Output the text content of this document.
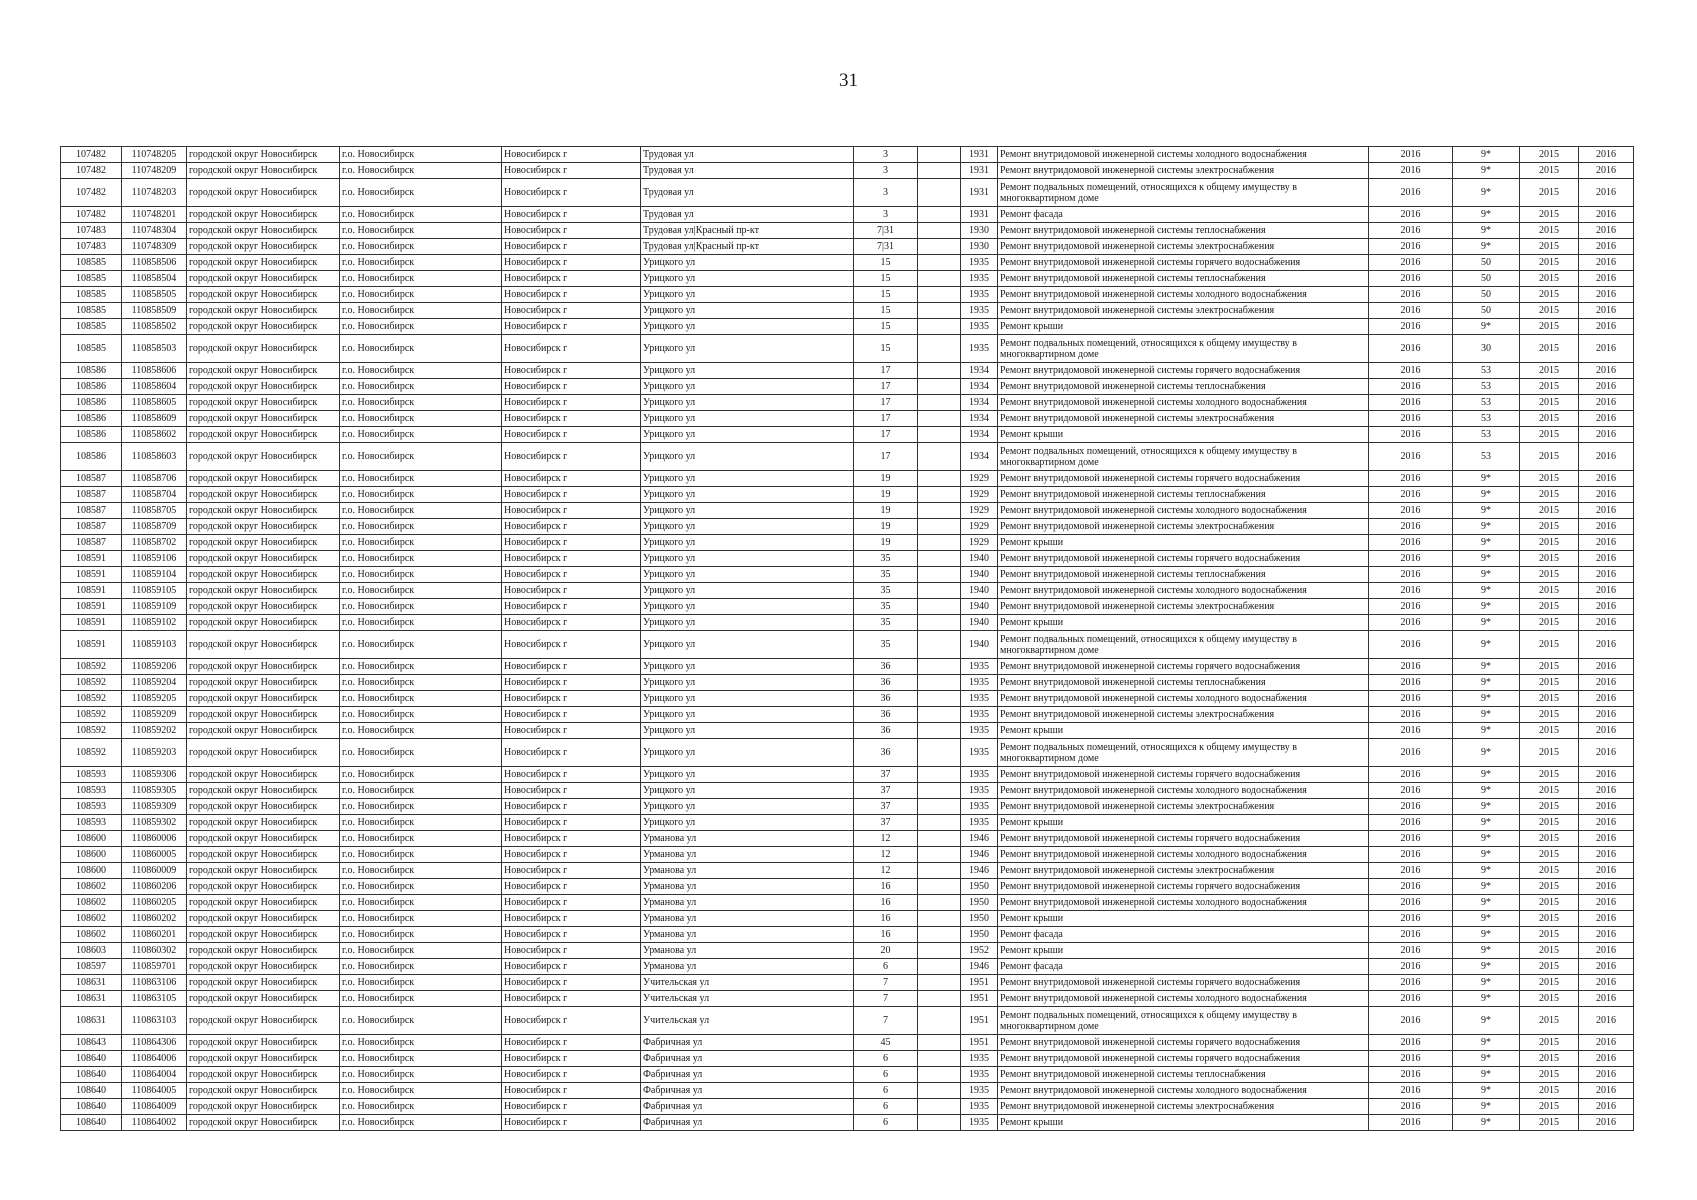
31
107482	110748205	городской округ Новосибирск	г.о. Новосибирск	Новосибирск г	Трудовая ул	3		1931	Ремонт внутридомовой инженерной системы холодного водоснабжения	2016	9*	2015	2016
107482	110748209	городской округ Новосибирск	г.о. Новосибирск	Новосибирск г	Трудовая ул	3		1931	Ремонт внутридомовой инженерной системы электроснабжения	2016	9*	2015	2016
107482	110748203	городской округ Новосибирск	г.о. Новосибирск	Новосибирск г	Трудовая ул	3		1931	Ремонт подвальных помещений, относящихся к общему имуществу в многоквартирном доме	2016	9*	2015	2016
107482	110748201	городской округ Новосибирск	г.о. Новосибирск	Новосибирск г	Трудовая ул	3		1931	Ремонт фасада	2016	9*	2015	2016
107483	110748304	городской округ Новосибирск	г.о. Новосибирск	Новосибирск г	Трудовая ул|Красный пр-кт	7|31		1930	Ремонт внутридомовой инженерной системы теплоснабжения	2016	9*	2015	2016
107483	110748309	городской округ Новосибирск	г.о. Новосибирск	Новосибирск г	Трудовая ул|Красный пр-кт	7|31		1930	Ремонт внутридомовой инженерной системы электроснабжения	2016	9*	2015	2016
108585	110858506	городской округ Новосибирск	г.о. Новосибирск	Новосибирск г	Урицкого ул	15		1935	Ремонт внутридомовой инженерной системы горячего водоснабжения	2016	50	2015	2016
108585	110858504	городской округ Новосибирск	г.о. Новосибирск	Новосибирск г	Урицкого ул	15		1935	Ремонт внутридомовой инженерной системы теплоснабжения	2016	50	2015	2016
108585	110858505	городской округ Новосибирск	г.о. Новосибирск	Новосибирск г	Урицкого ул	15		1935	Ремонт внутридомовой инженерной системы холодного водоснабжения	2016	50	2015	2016
108585	110858509	городской округ Новосибирск	г.о. Новосибирск	Новосибирск г	Урицкого ул	15		1935	Ремонт внутридомовой инженерной системы электроснабжения	2016	50	2015	2016
108585	110858502	городской округ Новосибирск	г.о. Новосибирск	Новосибирск г	Урицкого ул	15		1935	Ремонт крыши	2016	9*	2015	2016
108585	110858503	городской округ Новосибирск	г.о. Новосибирск	Новосибирск г	Урицкого ул	15		1935	Ремонт подвальных помещений, относящихся к общему имуществу в многоквартирном доме	2016	30	2015	2016
108586	110858606	городской округ Новосибирск	г.о. Новосибирск	Новосибирск г	Урицкого ул	17		1934	Ремонт внутридомовой инженерной системы горячего водоснабжения	2016	53	2015	2016
108586	110858604	городской округ Новосибирск	г.о. Новосибирск	Новосибирск г	Урицкого ул	17		1934	Ремонт внутридомовой инженерной системы теплоснабжения	2016	53	2015	2016
108586	110858605	городской округ Новосибирск	г.о. Новосибирск	Новосибирск г	Урицкого ул	17		1934	Ремонт внутридомовой инженерной системы холодного водоснабжения	2016	53	2015	2016
108586	110858609	городской округ Новосибирск	г.о. Новосибирск	Новосибирск г	Урицкого ул	17		1934	Ремонт внутридомовой инженерной системы электроснабжения	2016	53	2015	2016
108586	110858602	городской округ Новосибирск	г.о. Новосибирск	Новосибирск г	Урицкого ул	17		1934	Ремонт крыши	2016	53	2015	2016
108586	110858603	городской округ Новосибирск	г.о. Новосибирск	Новосибирск г	Урицкого ул	17		1934	Ремонт подвальных помещений, относящихся к общему имуществу в многоквартирном доме	2016	53	2015	2016
108587	110858706	городской округ Новосибирск	г.о. Новосибирск	Новосибирск г	Урицкого ул	19		1929	Ремонт внутридомовой инженерной системы горячего водоснабжения	2016	9*	2015	2016
108587	110858704	городской округ Новосибирск	г.о. Новосибирск	Новосибирск г	Урицкого ул	19		1929	Ремонт внутридомовой инженерной системы теплоснабжения	2016	9*	2015	2016
108587	110858705	городской округ Новосибирск	г.о. Новосибирск	Новосибирск г	Урицкого ул	19		1929	Ремонт внутридомовой инженерной системы холодного водоснабжения	2016	9*	2015	2016
108587	110858709	городской округ Новосибирск	г.о. Новосибирск	Новосибирск г	Урицкого ул	19		1929	Ремонт внутридомовой инженерной системы электроснабжения	2016	9*	2015	2016
108587	110858702	городской округ Новосибирск	г.о. Новосибирск	Новосибирск г	Урицкого ул	19		1929	Ремонт крыши	2016	9*	2015	2016
108591	110859106	городской округ Новосибирск	г.о. Новосибирск	Новосибирск г	Урицкого ул	35		1940	Ремонт внутридомовой инженерной системы горячего водоснабжения	2016	9*	2015	2016
108591	110859104	городской округ Новосибирск	г.о. Новосибирск	Новосибирск г	Урицкого ул	35		1940	Ремонт внутридомовой инженерной системы теплоснабжения	2016	9*	2015	2016
108591	110859105	городской округ Новосибирск	г.о. Новосибирск	Новосибирск г	Урицкого ул	35		1940	Ремонт внутридомовой инженерной системы холодного водоснабжения	2016	9*	2015	2016
108591	110859109	городской округ Новосибирск	г.о. Новосибирск	Новосибирск г	Урицкого ул	35		1940	Ремонт внутридомовой инженерной системы электроснабжения	2016	9*	2015	2016
108591	110859102	городской округ Новосибирск	г.о. Новосибирск	Новосибирск г	Урицкого ул	35		1940	Ремонт крыши	2016	9*	2015	2016
108591	110859103	городской округ Новосибирск	г.о. Новосибирск	Новосибирск г	Урицкого ул	35		1940	Ремонт подвальных помещений, относящихся к общему имуществу в многоквартирном доме	2016	9*	2015	2016
108592	110859206	городской округ Новосибирск	г.о. Новосибирск	Новосибирск г	Урицкого ул	36		1935	Ремонт внутридомовой инженерной системы горячего водоснабжения	2016	9*	2015	2016
108592	110859204	городской округ Новосибирск	г.о. Новосибирск	Новосибирск г	Урицкого ул	36		1935	Ремонт внутридомовой инженерной системы теплоснабжения	2016	9*	2015	2016
108592	110859205	городской округ Новосибирск	г.о. Новосибирск	Новосибирск г	Урицкого ул	36		1935	Ремонт внутридомовой инженерной системы холодного водоснабжения	2016	9*	2015	2016
108592	110859209	городской округ Новосибирск	г.о. Новосибирск	Новосибирск г	Урицкого ул	36		1935	Ремонт внутридомовой инженерной системы электроснабжения	2016	9*	2015	2016
108592	110859202	городской округ Новосибирск	г.о. Новосибирск	Новосибирск г	Урицкого ул	36		1935	Ремонт крыши	2016	9*	2015	2016
108592	110859203	городской округ Новосибирск	г.о. Новосибирск	Новосибирск г	Урицкого ул	36		1935	Ремонт подвальных помещений, относящихся к общему имуществу в многоквартирном доме	2016	9*	2015	2016
108593	110859306	городской округ Новосибирск	г.о. Новосибирск	Новосибирск г	Урицкого ул	37		1935	Ремонт внутридомовой инженерной системы горячего водоснабжения	2016	9*	2015	2016
108593	110859305	городской округ Новосибирск	г.о. Новосибирск	Новосибирск г	Урицкого ул	37		1935	Ремонт внутридомовой инженерной системы холодного водоснабжения	2016	9*	2015	2016
108593	110859309	городской округ Новосибирск	г.о. Новосибирск	Новосибирск г	Урицкого ул	37		1935	Ремонт внутридомовой инженерной системы электроснабжения	2016	9*	2015	2016
108593	110859302	городской округ Новосибирск	г.о. Новосибирск	Новосибирск г	Урицкого ул	37		1935	Ремонт крыши	2016	9*	2015	2016
108600	110860006	городской округ Новосибирск	г.о. Новосибирск	Новосибирск г	Урманова ул	12		1946	Ремонт внутридомовой инженерной системы горячего водоснабжения	2016	9*	2015	2016
108600	110860005	городской округ Новосибирск	г.о. Новосибирск	Новосибирск г	Урманова ул	12		1946	Ремонт внутридомовой инженерной системы холодного водоснабжения	2016	9*	2015	2016
108600	110860009	городской округ Новосибирск	г.о. Новосибирск	Новосибирск г	Урманова ул	12		1946	Ремонт внутридомовой инженерной системы электроснабжения	2016	9*	2015	2016
108602	110860206	городской округ Новосибирск	г.о. Новосибирск	Новосибирск г	Урманова ул	16		1950	Ремонт внутридомовой инженерной системы горячего водоснабжения	2016	9*	2015	2016
108602	110860205	городской округ Новосибирск	г.о. Новосибирск	Новосибирск г	Урманова ул	16		1950	Ремонт внутридомовой инженерной системы холодного водоснабжения	2016	9*	2015	2016
108602	110860202	городской округ Новосибирск	г.о. Новосибирск	Новосибирск г	Урманова ул	16		1950	Ремонт крыши	2016	9*	2015	2016
108602	110860201	городской округ Новосибирск	г.о. Новосибирск	Новосибирск г	Урманова ул	16		1950	Ремонт фасада	2016	9*	2015	2016
108603	110860302	городской округ Новосибирск	г.о. Новосибирск	Новосибирск г	Урманова ул	20		1952	Ремонт крыши	2016	9*	2015	2016
108597	110859701	городской округ Новосибирск	г.о. Новосибирск	Новосибирск г	Урманова ул	6		1946	Ремонт фасада	2016	9*	2015	2016
108631	110863106	городской округ Новосибирск	г.о. Новосибирск	Новосибирск г	Учительская ул	7		1951	Ремонт внутридомовой инженерной системы горячего водоснабжения	2016	9*	2015	2016
108631	110863105	городской округ Новосибирск	г.о. Новосибирск	Новосибирск г	Учительская ул	7		1951	Ремонт внутридомовой инженерной системы холодного водоснабжения	2016	9*	2015	2016
108631	110863103	городской округ Новосибирск	г.о. Новосибирск	Новосибирск г	Учительская ул	7		1951	Ремонт подвальных помещений, относящихся к общему имуществу в многоквартирном доме	2016	9*	2015	2016
108643	110864306	городской округ Новосибирск	г.о. Новосибирск	Новосибирск г	Фабричная ул	45		1951	Ремонт внутридомовой инженерной системы горячего водоснабжения	2016	9*	2015	2016
108640	110864006	городской округ Новосибирск	г.о. Новосибирск	Новосибирск г	Фабричная ул	6		1935	Ремонт внутридомовой инженерной системы горячего водоснабжения	2016	9*	2015	2016
108640	110864004	городской округ Новосибирск	г.о. Новосибирск	Новосибирск г	Фабричная ул	6		1935	Ремонт внутридомовой инженерной системы теплоснабжения	2016	9*	2015	2016
108640	110864005	городской округ Новосибирск	г.о. Новосибирск	Новосибирск г	Фабричная ул	6		1935	Ремонт внутридомовой инженерной системы холодного водоснабжения	2016	9*	2015	2016
108640	110864009	городской округ Новосибирск	г.о. Новосибирск	Новосибирск г	Фабричная ул	6		1935	Ремонт внутридомовой инженерной системы электроснабжения	2016	9*	2015	2016
108640	110864002	городской округ Новосибирск	г.о. Новосибирск	Новосибирск г	Фабричная ул	6		1935	Ремонт крыши	2016	9*	2015	2016
